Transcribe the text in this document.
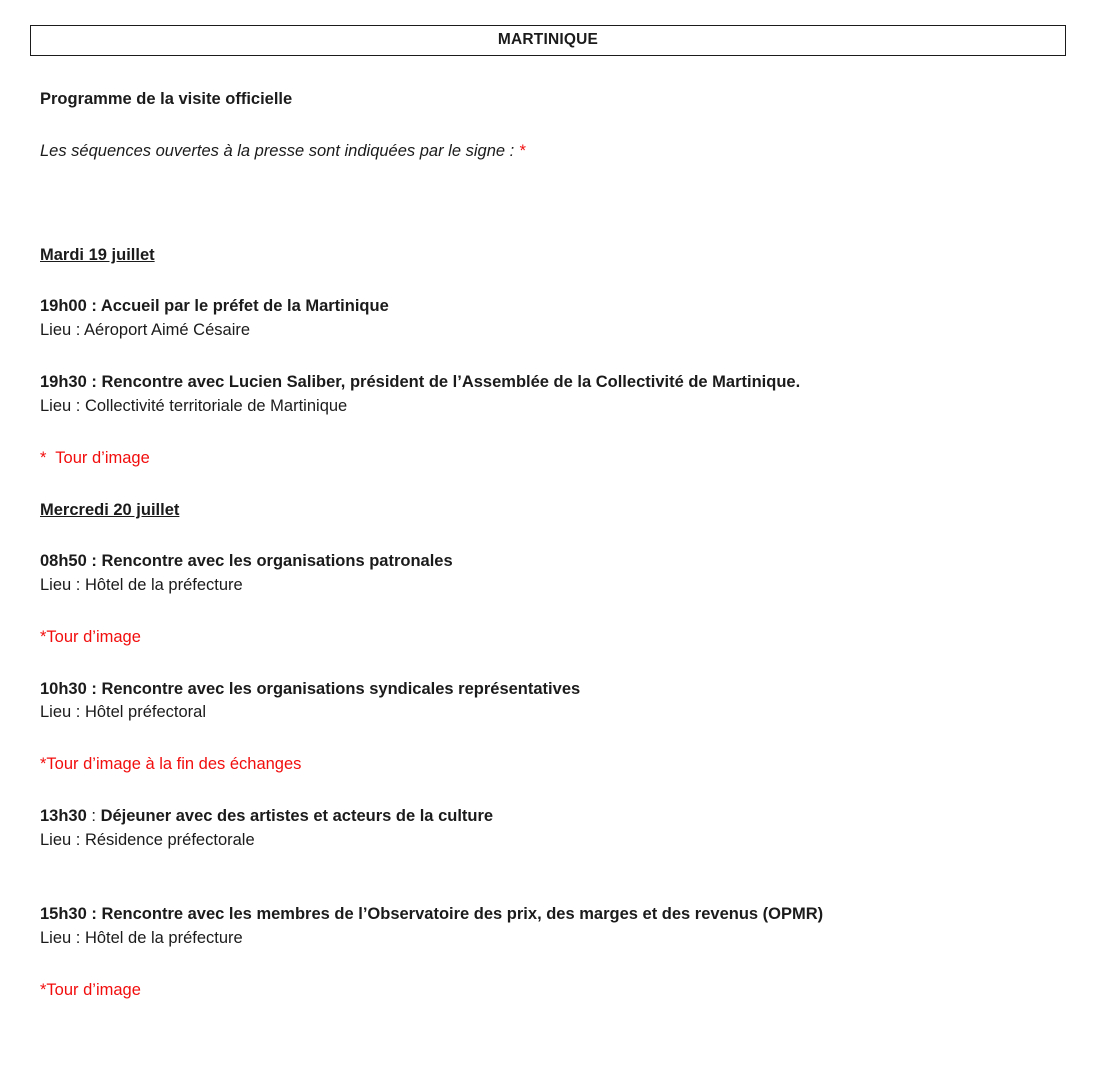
MARTINIQUE

Programme de la visite officielle

Les séquences ouvertes à la presse sont indiquées par le signe : *

Mardi 19 juillet

19h00 : Accueil par le préfet de la Martinique

Lieu : Aéroport Aimé Césaire

19h30 : Rencontre avec Lucien Saliber, président de l’Assemblée de la Collectivité de Martinique.

Lieu : Collectivité territoriale de Martinique

*  Tour d’image

Mercredi 20 juillet

08h50 : Rencontre avec les organisations patronales

Lieu : Hôtel de la préfecture

*Tour d’image

10h30 : Rencontre avec les organisations syndicales représentatives

Lieu : Hôtel préfectoral

*Tour d’image à la fin des échanges

13h30 : Déjeuner avec des artistes et acteurs de la culture

Lieu : Résidence préfectorale

15h30 : Rencontre avec les membres de l’Observatoire des prix, des marges et des revenus (OPMR)

Lieu : Hôtel de la préfecture

*Tour d’image
